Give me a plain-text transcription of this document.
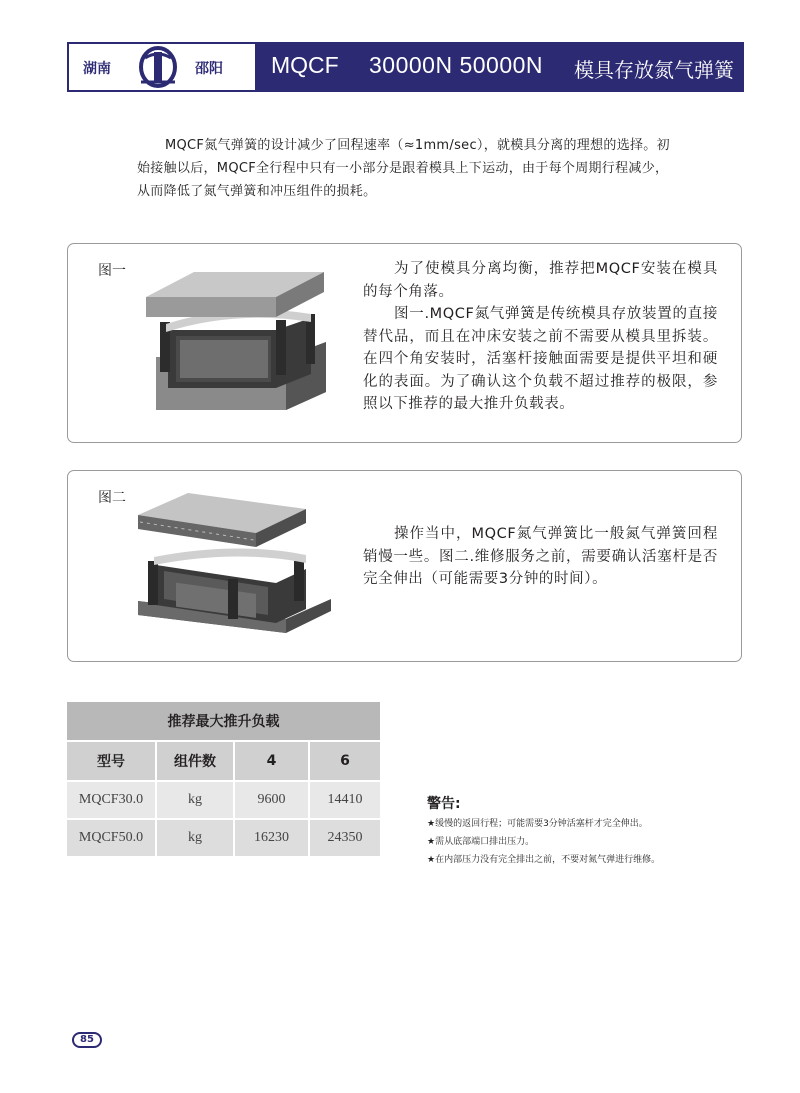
湖南	邵阳 MQCF 30000N 50000N 模具存放氮气弹簧
MQCF氮气弹簧的设计减少了回程速率（≈1mm/sec），就模具分离的理想的选择。初始接触以后，MQCF全行程中只有一小部分是跟着模具上下运动，由于每个周期行程减少，从而降低了氮气弹簧和冲压组件的损耗。
图一	为了使模具分离均衡，推荐把MQCF安装在模具的每个角落。

图一.MQCF氮气弹簧是传统模具存放装置的直接替代品，而且在冲床安装之前不需要从模具里拆装。在四个角安装时，活塞杆接触面需要是提供平坦和硬化的表面。为了确认这个负载不超过推荐的极限，参照以下推荐的最大推升负载表。

图二

操作当中，MQCF氮气弹簧比一般氮气弹簧回程销慢一些。图二.维修服务之前，需要确认活塞杆是否完全伸出（可能需要3分钟的时间）。

推荐最大推升负载			
型号	组件数	4	6
MQCF30.0	kg	9600	14410
MQCF50.0	kg	16230	24350
警告:
★缓慢的返回行程；可能需要3分钟活塞杆才完全伸出。
★需从底部端口排出压力。
★在内部压力没有完全排出之前，不要对氮气弹进行维修。
85
